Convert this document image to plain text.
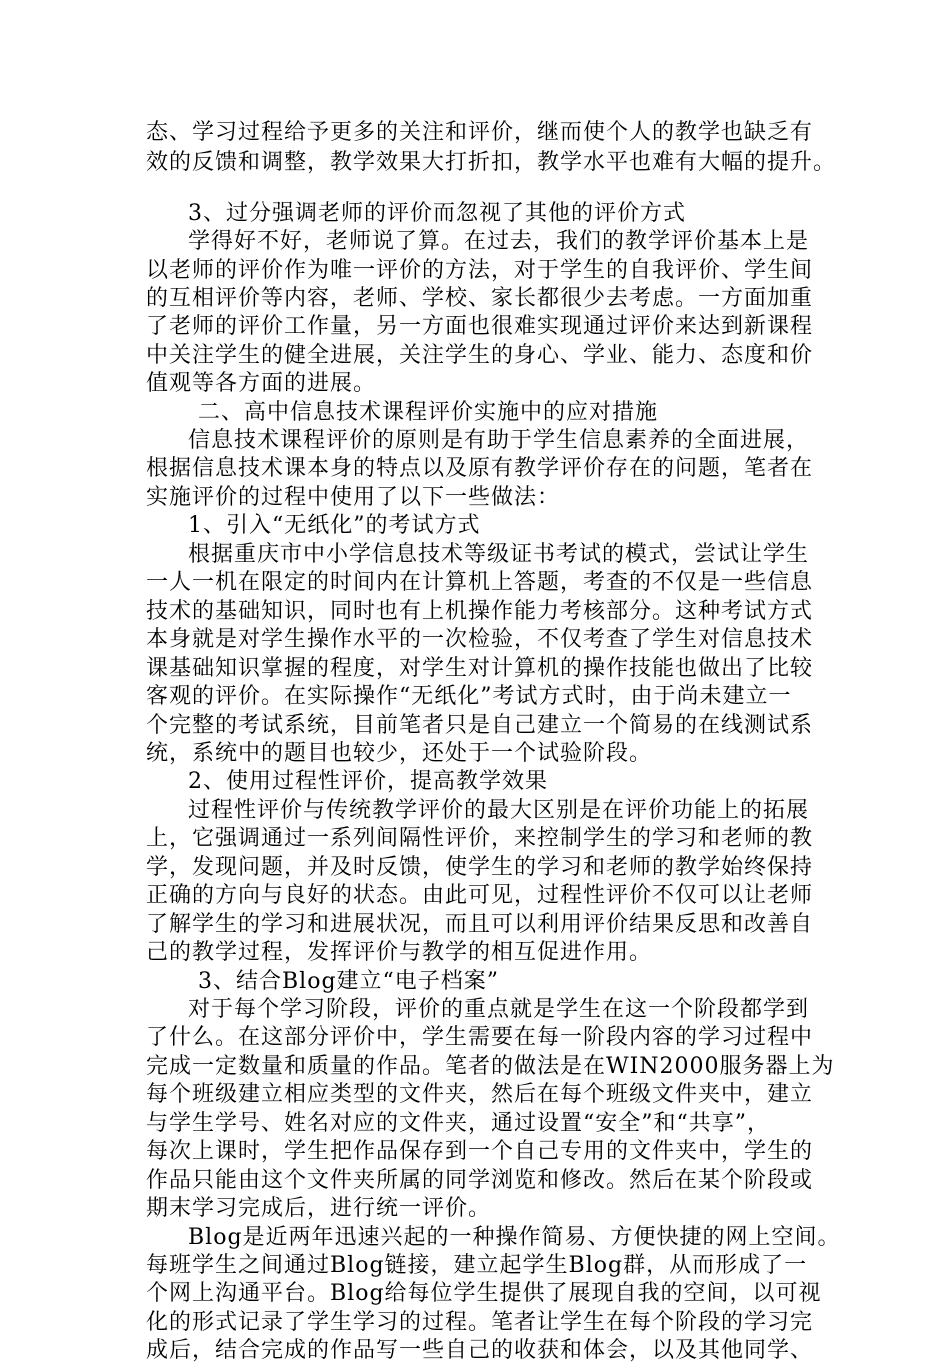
态、学习过程给予更多的关注和评价，继而使个人的教学也缺乏有

效的反馈和调整，教学效果大打折扣，教学水平也难有大幅的提升。

3、过分强调老师的评价而忽视了其他的评价方式

学得好不好，老师说了算。在过去，我们的教学评价基本上是

以老师的评价作为唯一评价的方法，对于学生的自我评价、学生间

的互相评价等内容，老师、学校、家长都很少去考虑。一方面加重

了老师的评价工作量，另一方面也很难实现通过评价来达到新课程

中关注学生的健全进展，关注学生的身心、学业、能力、态度和价

值观等各方面的进展。

二、高中信息技术课程评价实施中的应对措施

信息技术课程评价的原则是有助于学生信息素养的全面进展，

根据信息技术课本身的特点以及原有教学评价存在的问题，笔者在

实施评价的过程中使用了以下一些做法：

1、引入“无纸化”的考试方式

根据重庆市中小学信息技术等级证书考试的模式，尝试让学生

一人一机在限定的时间内在计算机上答题，考查的不仅是一些信息

技术的基础知识，同时也有上机操作能力考核部分。这种考试方式

本身就是对学生操作水平的一次检验，不仅考查了学生对信息技术

课基础知识掌握的程度，对学生对计算机的操作技能也做出了比较

客观的评价。在实际操作“无纸化”考试方式时，由于尚未建立一

个完整的考试系统，目前笔者只是自己建立一个简易的在线测试系

统，系统中的题目也较少，还处于一个试验阶段。

2、使用过程性评价，提高教学效果

过程性评价与传统教学评价的最大区别是在评价功能上的拓展

上，它强调通过一系列间隔性评价，来控制学生的学习和老师的教

学，发现问题，并及时反馈，使学生的学习和老师的教学始终保持

正确的方向与良好的状态。由此可见，过程性评价不仅可以让老师

了解学生的学习和进展状况，而且可以利用评价结果反思和改善自

己的教学过程，发挥评价与教学的相互促进作用。

3、结合Blog建立“电子档案”

对于每个学习阶段，评价的重点就是学生在这一个阶段都学到

了什么。在这部分评价中，学生需要在每一阶段内容的学习过程中

完成一定数量和质量的作品。笔者的做法是在WIN2000服务器上为

每个班级建立相应类型的文件夹，然后在每个班级文件夹中，建立

与学生学号、姓名对应的文件夹，通过设置“安全”和“共享”，

每次上课时，学生把作品保存到一个自己专用的文件夹中，学生的

作品只能由这个文件夹所属的同学浏览和修改。然后在某个阶段或

期末学习完成后，进行统一评价。

Blog是近两年迅速兴起的一种操作简易、方便快捷的网上空间。

每班学生之间通过Blog链接，建立起学生Blog群，从而形成了一

个网上沟通平台。Blog给每位学生提供了展现自我的空间，以可视

化的形式记录了学生学习的过程。笔者让学生在每个阶段的学习完

成后，结合完成的作品写一些自己的收获和体会，以及其他同学、
